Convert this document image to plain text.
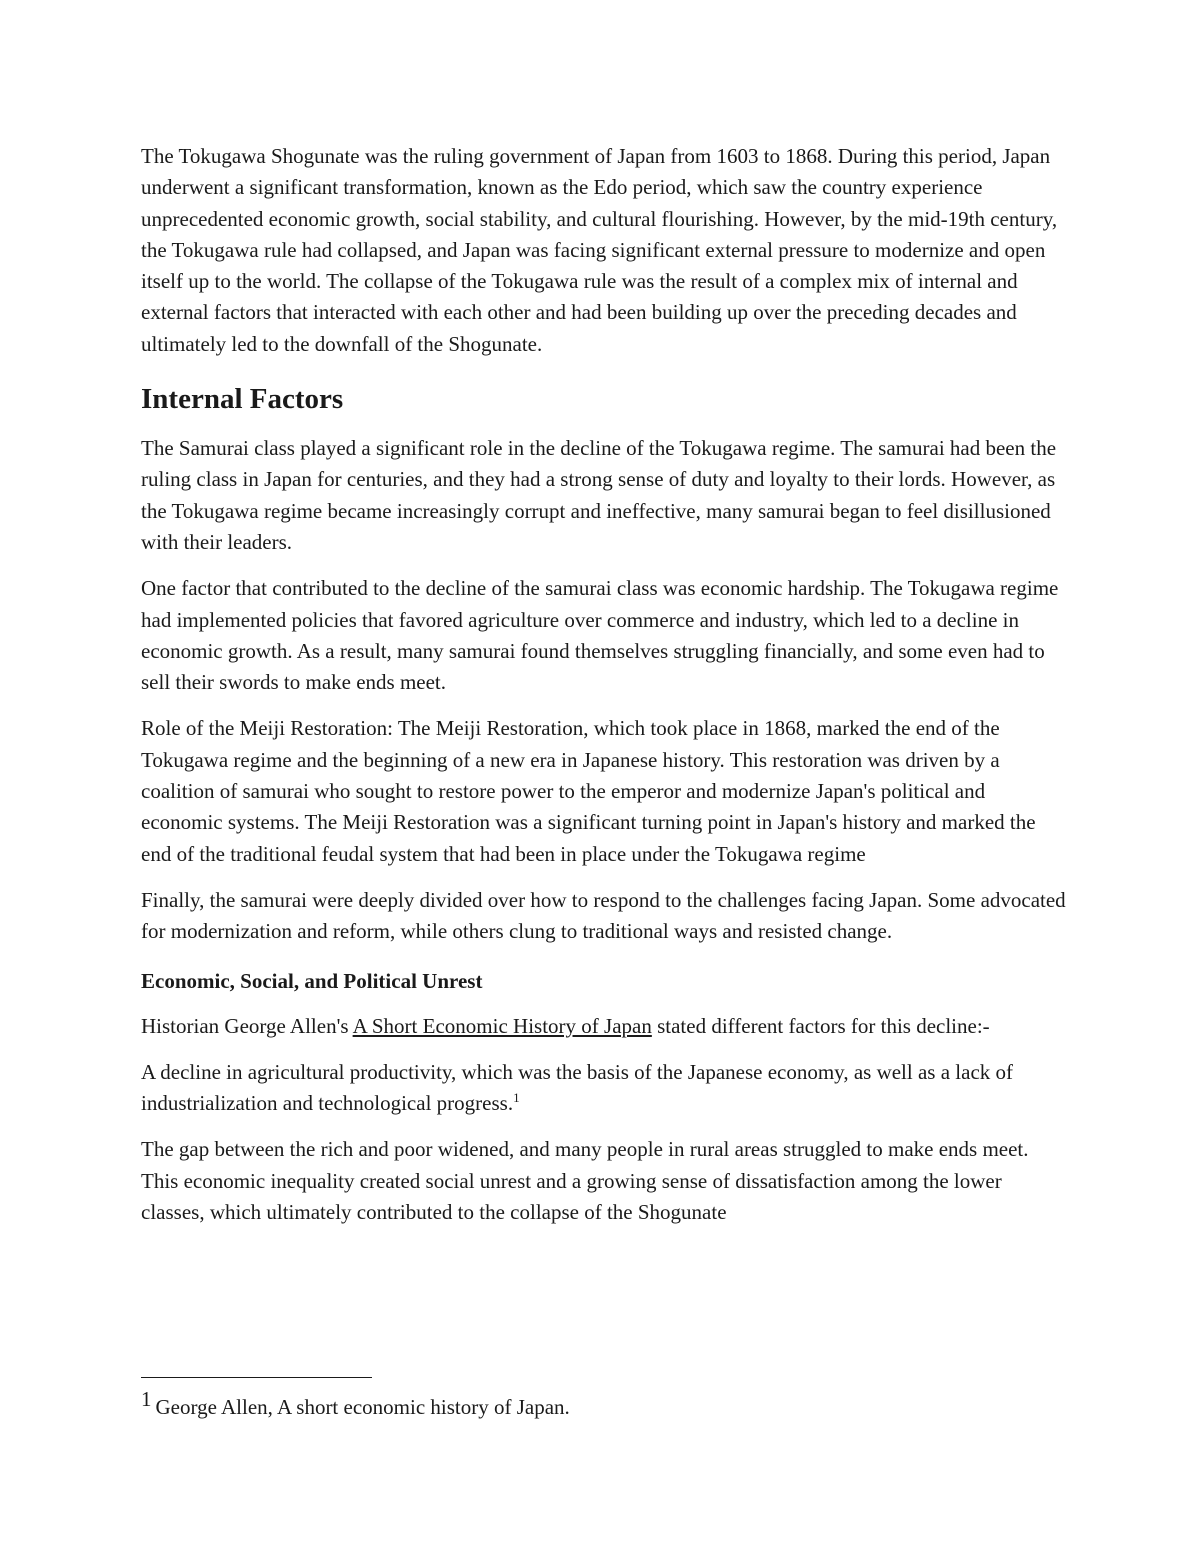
The Tokugawa Shogunate was the ruling government of Japan from 1603 to 1868. During this period, Japan underwent a significant transformation, known as the Edo period, which saw the country experience unprecedented economic growth, social stability, and cultural flourishing. However, by the mid-19th century, the Tokugawa rule had collapsed, and Japan was facing significant external pressure to modernize and open itself up to the world. The collapse of the Tokugawa rule was the result of a complex mix of internal and external factors that interacted with each other and had been building up over the preceding decades and ultimately led to the downfall of the Shogunate.

Internal Factors

The Samurai class played a significant role in the decline of the Tokugawa regime. The samurai had been the ruling class in Japan for centuries, and they had a strong sense of duty and loyalty to their lords. However, as the Tokugawa regime became increasingly corrupt and ineffective, many samurai began to feel disillusioned with their leaders.

One factor that contributed to the decline of the samurai class was economic hardship. The Tokugawa regime had implemented policies that favored agriculture over commerce and industry, which led to a decline in economic growth. As a result, many samurai found themselves struggling financially, and some even had to sell their swords to make ends meet.

Role of the Meiji Restoration: The Meiji Restoration, which took place in 1868, marked the end of the Tokugawa regime and the beginning of a new era in Japanese history. This restoration was driven by a coalition of samurai who sought to restore power to the emperor and modernize Japan's political and economic systems. The Meiji Restoration was a significant turning point in Japan's history and marked the end of the traditional feudal system that had been in place under the Tokugawa regime

Finally, the samurai were deeply divided over how to respond to the challenges facing Japan. Some advocated for modernization and reform, while others clung to traditional ways and resisted change.

Economic, Social, and Political Unrest

Historian George Allen's A Short Economic History of Japan stated different factors for this decline:-

A decline in agricultural productivity, which was the basis of the Japanese economy, as well as a lack of industrialization and technological progress.$^1$

The gap between the rich and poor widened, and many people in rural areas struggled to make ends meet. This economic inequality created social unrest and a growing sense of dissatisfaction among the lower classes, which ultimately contributed to the collapse of the Shogunate

$^1$ George Allen, A short economic history of Japan.
